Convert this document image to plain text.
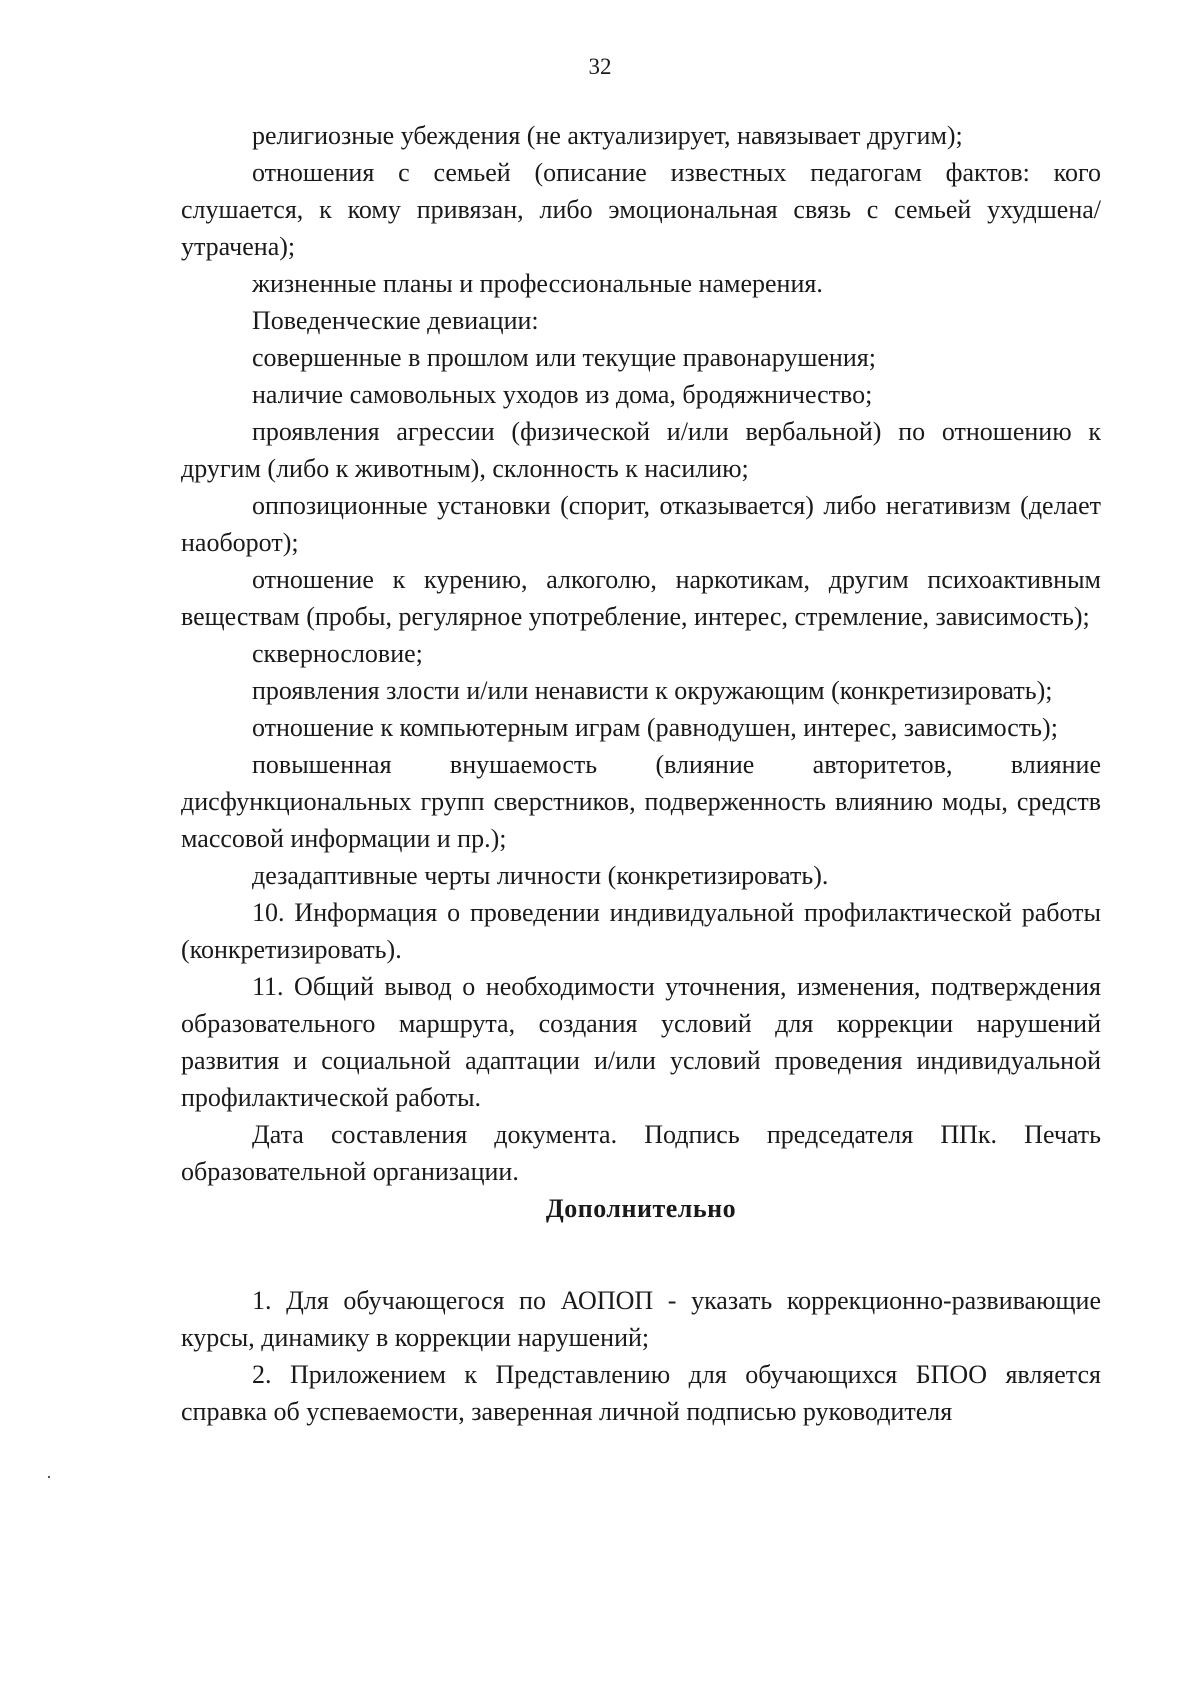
32

религиозные убеждения (не актуализирует, навязывает другим);

отношения с семьей (описание известных педагогам фактов: кого слушается, к кому привязан, либо эмоциональная связь с семьей ухудшена/утрачена);

жизненные планы и профессиональные намерения.

Поведенческие девиации:

совершенные в прошлом или текущие правонарушения;

наличие самовольных уходов из дома, бродяжничество;

проявления агрессии (физической и/или вербальной) по отношению к другим (либо к животным), склонность к насилию;

оппозиционные установки (спорит, отказывается) либо негативизм (делает наоборот);

отношение к курению, алкоголю, наркотикам, другим психоактивным веществам (пробы, регулярное употребление, интерес, стремление, зависимость);

сквернословие;

проявления злости и/или ненависти к окружающим (конкретизировать);

отношение к компьютерным играм (равнодушен, интерес, зависимость);

повышенная внушаемость (влияние авторитетов, влияние дисфункциональных групп сверстников, подверженность влиянию моды, средств массовой информации и пр.);

дезадаптивные черты личности (конкретизировать).

10. Информация о проведении индивидуальной профилактической работы (конкретизировать).

11. Общий вывод о необходимости уточнения, изменения, подтверждения образовательного маршрута, создания условий для коррекции нарушений развития и социальной адаптации и/или условий проведения индивидуальной профилактической работы.

Дата составления документа. Подпись председателя ППк. Печать образовательной организации.

Дополнительно

1. Для обучающегося по АОПОП - указать коррекционно-развивающие курсы, динамику в коррекции нарушений;

2. Приложением к Представлению для обучающихся БПОО является справка об успеваемости, заверенная личной подписью руководителя
